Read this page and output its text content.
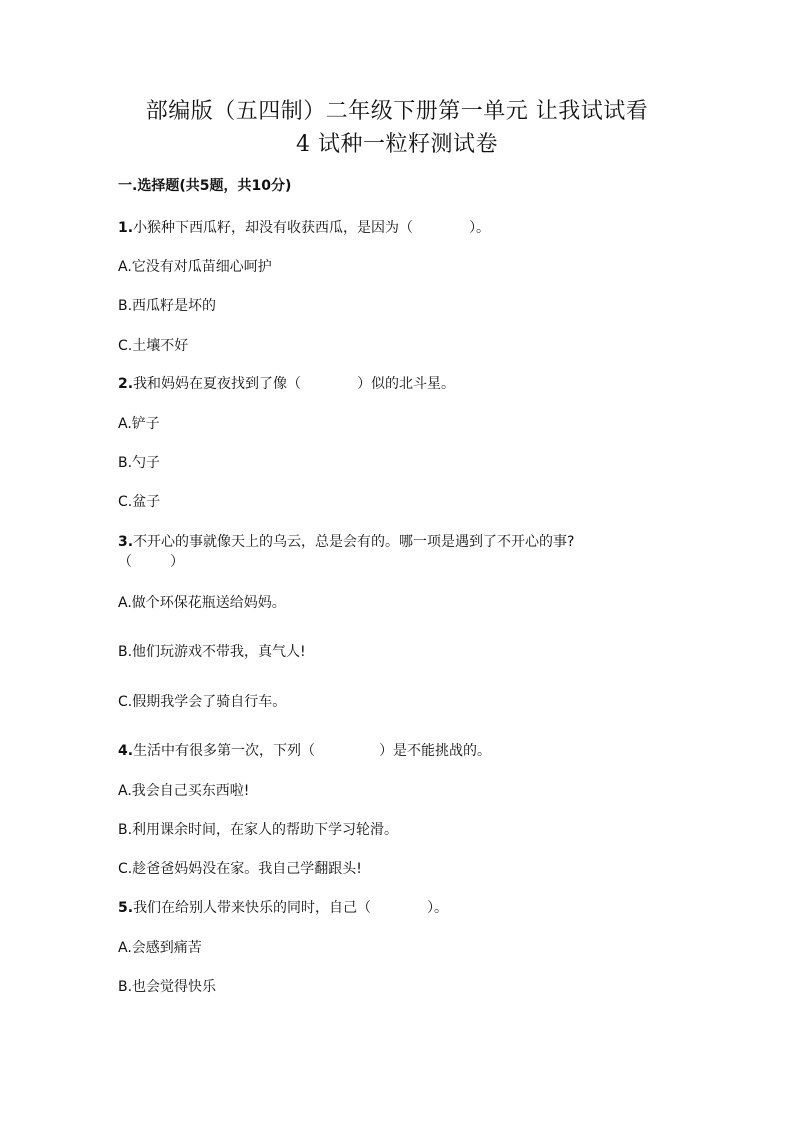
部编版（五四制）二年级下册第一单元 让我试试看
4 试种一粒籽测试卷
一.选择题(共5题，共10分)
1.小猴种下西瓜籽，却没有收获西瓜，是因为（	）。
A.它没有对瓜苗细心呵护
B.西瓜籽是坏的
C.土壤不好
2.我和妈妈在夏夜找到了像（	）似的北斗星。
A.铲子
B.勺子
C.盆子
3.不开心的事就像天上的乌云，总是会有的。哪一项是遇到了不开心的事?
（	）
A.做个环保花瓶送给妈妈。
B.他们玩游戏不带我，真气人!
C.假期我学会了骑自行车。
4.生活中有很多第一次，下列（	）是不能挑战的。
A.我会自己买东西啦!
B.利用课余时间，在家人的帮助下学习轮滑。
C.趁爸爸妈妈没在家。我自己学翻跟头!
5.我们在给别人带来快乐的同时，自己（	）。
A.会感到痛苦
B.也会觉得快乐
